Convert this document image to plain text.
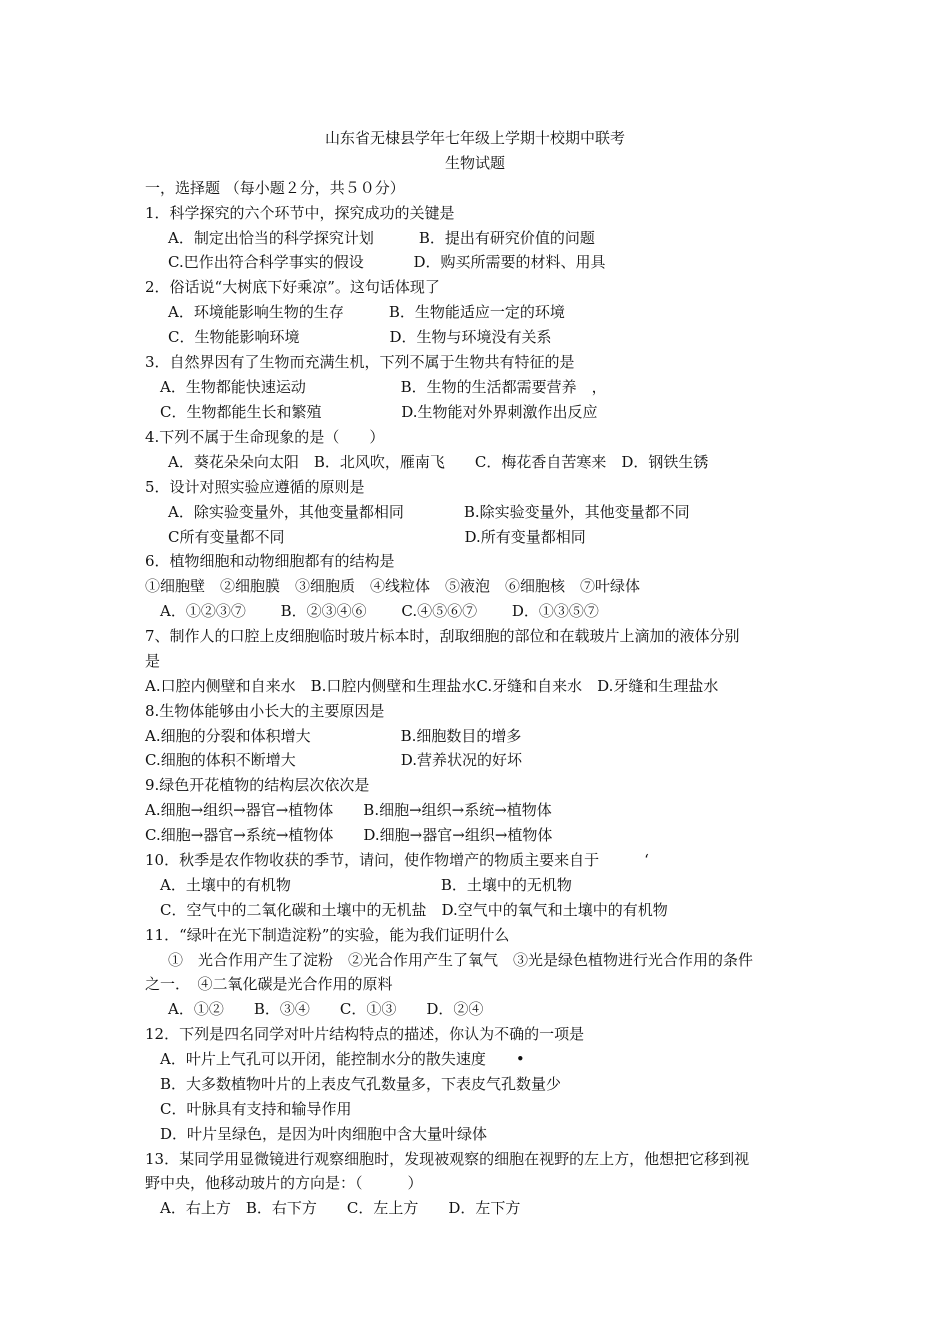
山东省无棣县学年七年级上学期十校期中联考
生物试题
一，选择题 （每小题２分，共５０分）
1．科学探究的六个环节中，探究成功的关键是
A．制定出恰当的科学探究计划　　　B．提出有研究价值的问题
C.巴作出符合科学事实的假设　　　 D．购买所需要的材料、用具
2．俗话说“大树底下好乘凉”。这句话体现了
A．环境能影响生物的生存　　　B．生物能适应一定的环境
C．生物能影响环境　　　　　　D．生物与环境没有关系
3．自然界因有了生物而充满生机，下列不属于生物共有特征的是
A．生物都能快速运动　　　　　　 B．生物的生活都需要营养　，
C．生物都能生长和繁殖　　　　　 D.生物能对外界刺激作出反应
4.下列不属于生命现象的是（　　）
A．葵花朵朵向太阳　B．北风吹，雁南飞　　C．梅花香自苦寒来　D．钢铁生锈
5．设计对照实验应遵循的原则是
A．除实验变量外，其他变量都相同　　　　B.除实验变量外，其他变量都不同
C所有变量都不同　　　　　　　　　　　　D.所有变量都相同
6．植物细胞和动物细胞都有的结构是
①细胞壁　②细胞膜　③细胞质　④线粒体　⑤液泡　⑥细胞核　⑦叶绿体
A．①②③⑦　　 B．②③④⑥　　 C.④⑤⑥⑦　　 D．①③⑤⑦
7、制作人的口腔上皮细胞临时玻片标本时，刮取细胞的部位和在载玻片上滴加的液体分别
是
A.口腔内侧壁和自来水　B.口腔内侧壁和生理盐水C.牙缝和自来水　D.牙缝和生理盐水
8.生物体能够由小长大的主要原因是
A.细胞的分裂和体积增大　　　　　　B.细胞数目的增多
C.细胞的体积不断增大　　　　　　　D.营养状况的好坏
9.绿色开花植物的结构层次依次是
A.细胞→组织→器官→植物体　　B.细胞→组织→系统→植物体
C.细胞→器官→系统→植物体　　D.细胞→器官→组织→植物体
10．秋季是农作物收获的季节，请问，使作物增产的物质主要来自于　　　‘
A．土壤中的有机物　　　　　　　　　　B．土壤中的无机物
C．空气中的二氧化碳和土壤中的无机盐　D.空气中的氧气和土壤中的有机物
11．“绿叶在光下制造淀粉”的实验，能为我们证明什么
①　光合作用产生了淀粉　②光合作用产生了氧气　③光是绿色植物进行光合作用的条件
之一．　④二氧化碳是光合作用的原料
A．①②　　B．③④　　C．①③　　D．②④
12．下列是四名同学对叶片结构特点的描述，你认为不确的一项是
A．叶片上气孔可以开闭，能控制水分的散失速度　　•
B．大多数植物叶片的上表皮气孔数量多，下表皮气孔数量少
C．叶脉具有支持和输导作用
D．叶片呈绿色，是因为叶肉细胞中含大量叶绿体
13．某同学用显微镜进行观察细胞时，发现被观察的细胞在视野的左上方，他想把它移到视
野中央，他移动玻片的方向是：（　　　）
A．右上方　B．右下方　　C．左上方　　D．左下方
